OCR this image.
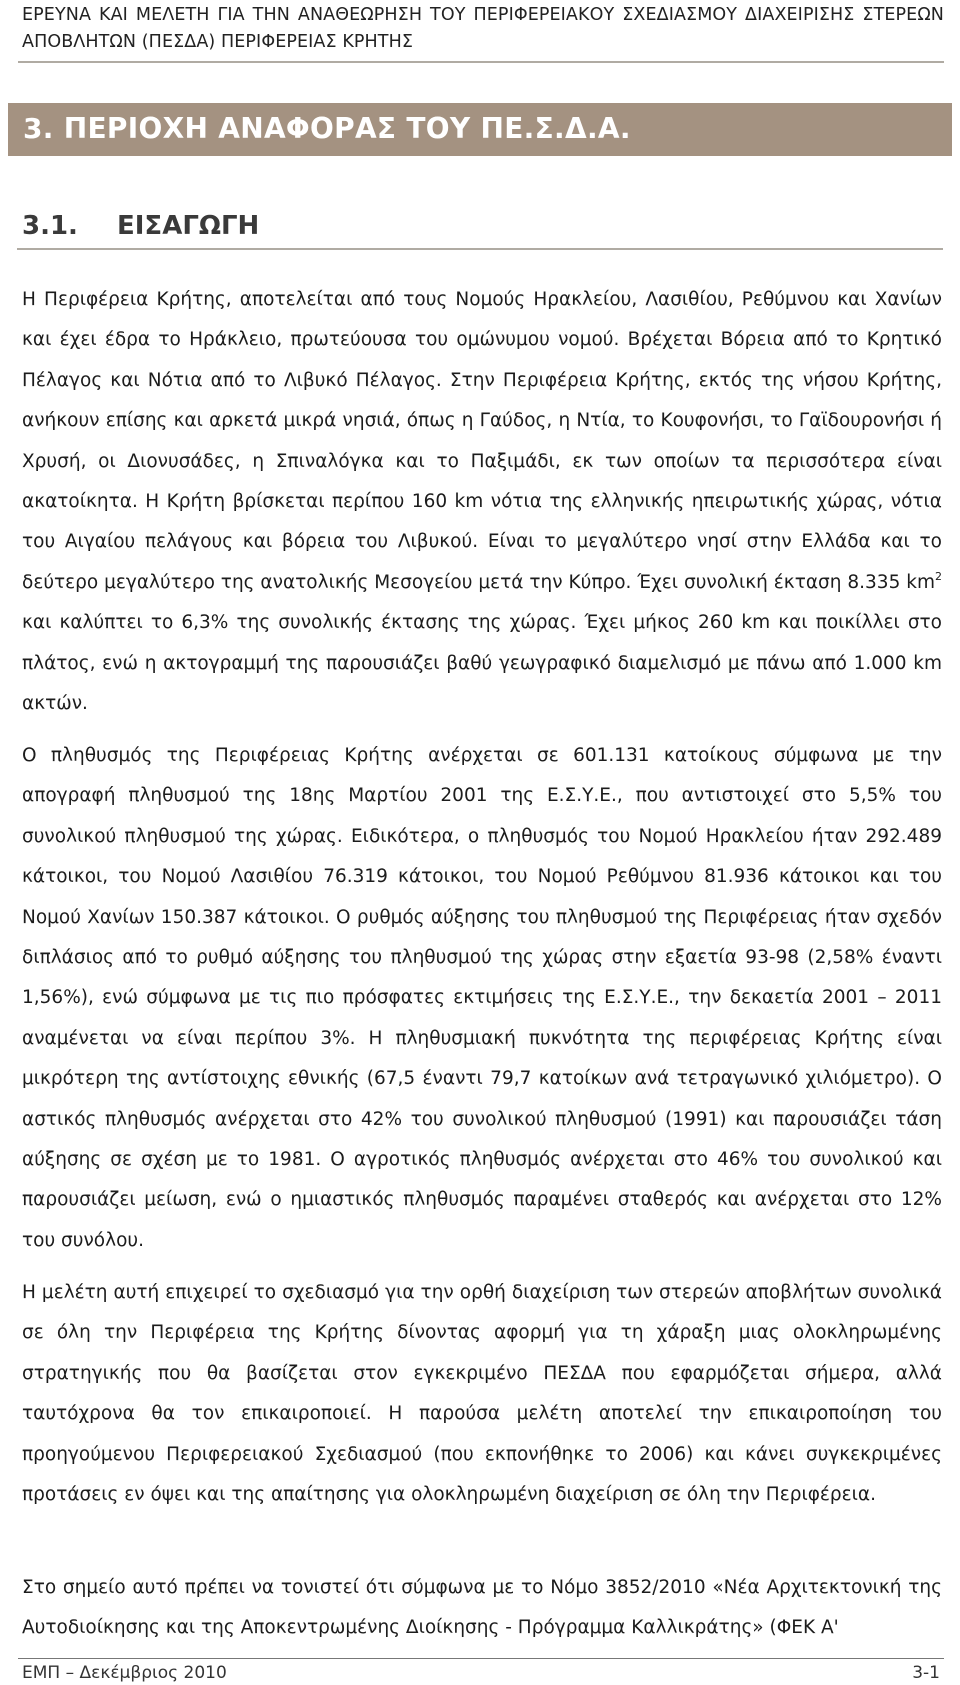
ΕΡΕΥΝΑ ΚΑΙ ΜΕΛΕΤΗ ΓΙΑ ΤΗΝ ΑΝΑΘΕΩΡΗΣΗ ΤΟΥ ΠΕΡΙΦΕΡΕΙΑΚΟΥ ΣΧΕΔΙΑΣΜΟΥ ΔΙΑΧΕΙΡΙΣΗΣ ΣΤΕΡΕΩΝ ΑΠΟΒΛΗΤΩΝ (ΠΕΣΔΑ) ΠΕΡΙΦΕΡΕΙΑΣ ΚΡΗΤΗΣ
3. ΠΕΡΙΟΧΗ ΑΝΑΦΟΡΑΣ ΤΟΥ ΠΕ.Σ.Δ.Α.
3.1. ΕΙΣΑΓΩΓΗ
Η Περιφέρεια Κρήτης, αποτελείται από τους Νομούς Ηρακλείου, Λασιθίου, Ρεθύμνου και Χανίων και έχει έδρα το Ηράκλειο, πρωτεύουσα του ομώνυμου νομού. Βρέχεται Βόρεια από το Κρητικό Πέλαγος και Νότια από το Λιβυκό Πέλαγος. Στην Περιφέρεια Κρήτης, εκτός της νήσου Κρήτης, ανήκουν επίσης και αρκετά μικρά νησιά, όπως η Γαύδος, η Ντία, το Κουφονήσι, το Γαϊδουρονήσι ή Χρυσή, οι Διονυσάδες, η Σπιναλόγκα και το Παξιμάδι, εκ των οποίων τα περισσότερα είναι ακατοίκητα. Η Κρήτη βρίσκεται περίπου 160 km νότια της ελληνικής ηπειρωτικής χώρας, νότια του Αιγαίου πελάγους και βόρεια του Λιβυκού. Είναι το μεγαλύτερο νησί στην Ελλάδα και το δεύτερο μεγαλύτερο της ανατολικής Μεσογείου μετά την Κύπρο. Έχει συνολική έκταση 8.335 $km^2$ και καλύπτει το 6,3% της συνολικής έκτασης της χώρας. Έχει μήκος 260 km και ποικίλλει στο πλάτος, ενώ η ακτογραμμή της παρουσιάζει βαθύ γεωγραφικό διαμελισμό με πάνω από 1.000 km ακτών.
Ο πληθυσμός της Περιφέρειας Κρήτης ανέρχεται σε 601.131 κατοίκους σύμφωνα με την απογραφή πληθυσμού της 18ης Μαρτίου 2001 της Ε.Σ.Υ.Ε., που αντιστοιχεί στο 5,5% του συνολικού πληθυσμού της χώρας. Ειδικότερα, ο πληθυσμός του Νομού Ηρακλείου ήταν 292.489 κάτοικοι, του Νομού Λασιθίου 76.319 κάτοικοι, του Νομού Ρεθύμνου 81.936 κάτοικοι και του Νομού Χανίων 150.387 κάτοικοι. Ο ρυθμός αύξησης του πληθυσμού της Περιφέρειας ήταν σχεδόν διπλάσιος από το ρυθμό αύξησης του πληθυσμού της χώρας στην εξαετία 93-98 (2,58% έναντι 1,56%), ενώ σύμφωνα με τις πιο πρόσφατες εκτιμήσεις της Ε.Σ.Υ.Ε., την δεκαετία 2001 – 2011 αναμένεται να είναι περίπου 3%. Η πληθυσμιακή πυκνότητα της περιφέρειας Κρήτης είναι μικρότερη της αντίστοιχης εθνικής (67,5 έναντι 79,7 κατοίκων ανά τετραγωνικό χιλιόμετρο). Ο αστικός πληθυσμός ανέρχεται στο 42% του συνολικού πληθυσμού (1991) και παρουσιάζει τάση αύξησης σε σχέση με το 1981. Ο αγροτικός πληθυσμός ανέρχεται στο 46% του συνολικού και παρουσιάζει μείωση, ενώ ο ημιαστικός πληθυσμός παραμένει σταθερός και ανέρχεται στο 12% του συνόλου.
Η μελέτη αυτή επιχειρεί το σχεδιασμό για την ορθή διαχείριση των στερεών αποβλήτων συνολικά σε όλη την Περιφέρεια της Κρήτης δίνοντας αφορμή για τη χάραξη μιας ολοκληρωμένης στρατηγικής που θα βασίζεται στον εγκεκριμένο ΠΕΣΔΑ που εφαρμόζεται σήμερα, αλλά ταυτόχρονα θα τον επικαιροποιεί. Η παρούσα μελέτη αποτελεί την επικαιροποίηση του προηγούμενου Περιφερειακού Σχεδιασμού (που εκπονήθηκε το 2006) και κάνει συγκεκριμένες προτάσεις εν όψει και της απαίτησης για ολοκληρωμένη διαχείριση σε όλη την Περιφέρεια.
Στο σημείο αυτό πρέπει να τονιστεί ότι σύμφωνα με το Νόμο 3852/2010 «Νέα Αρχιτεκτονική της Αυτοδιοίκησης και της Αποκεντρωμένης Διοίκησης - Πρόγραμμα Καλλικράτης» (ΦΕΚ Α'
ΕΜΠ – Δεκέμβριος 2010	3-1
